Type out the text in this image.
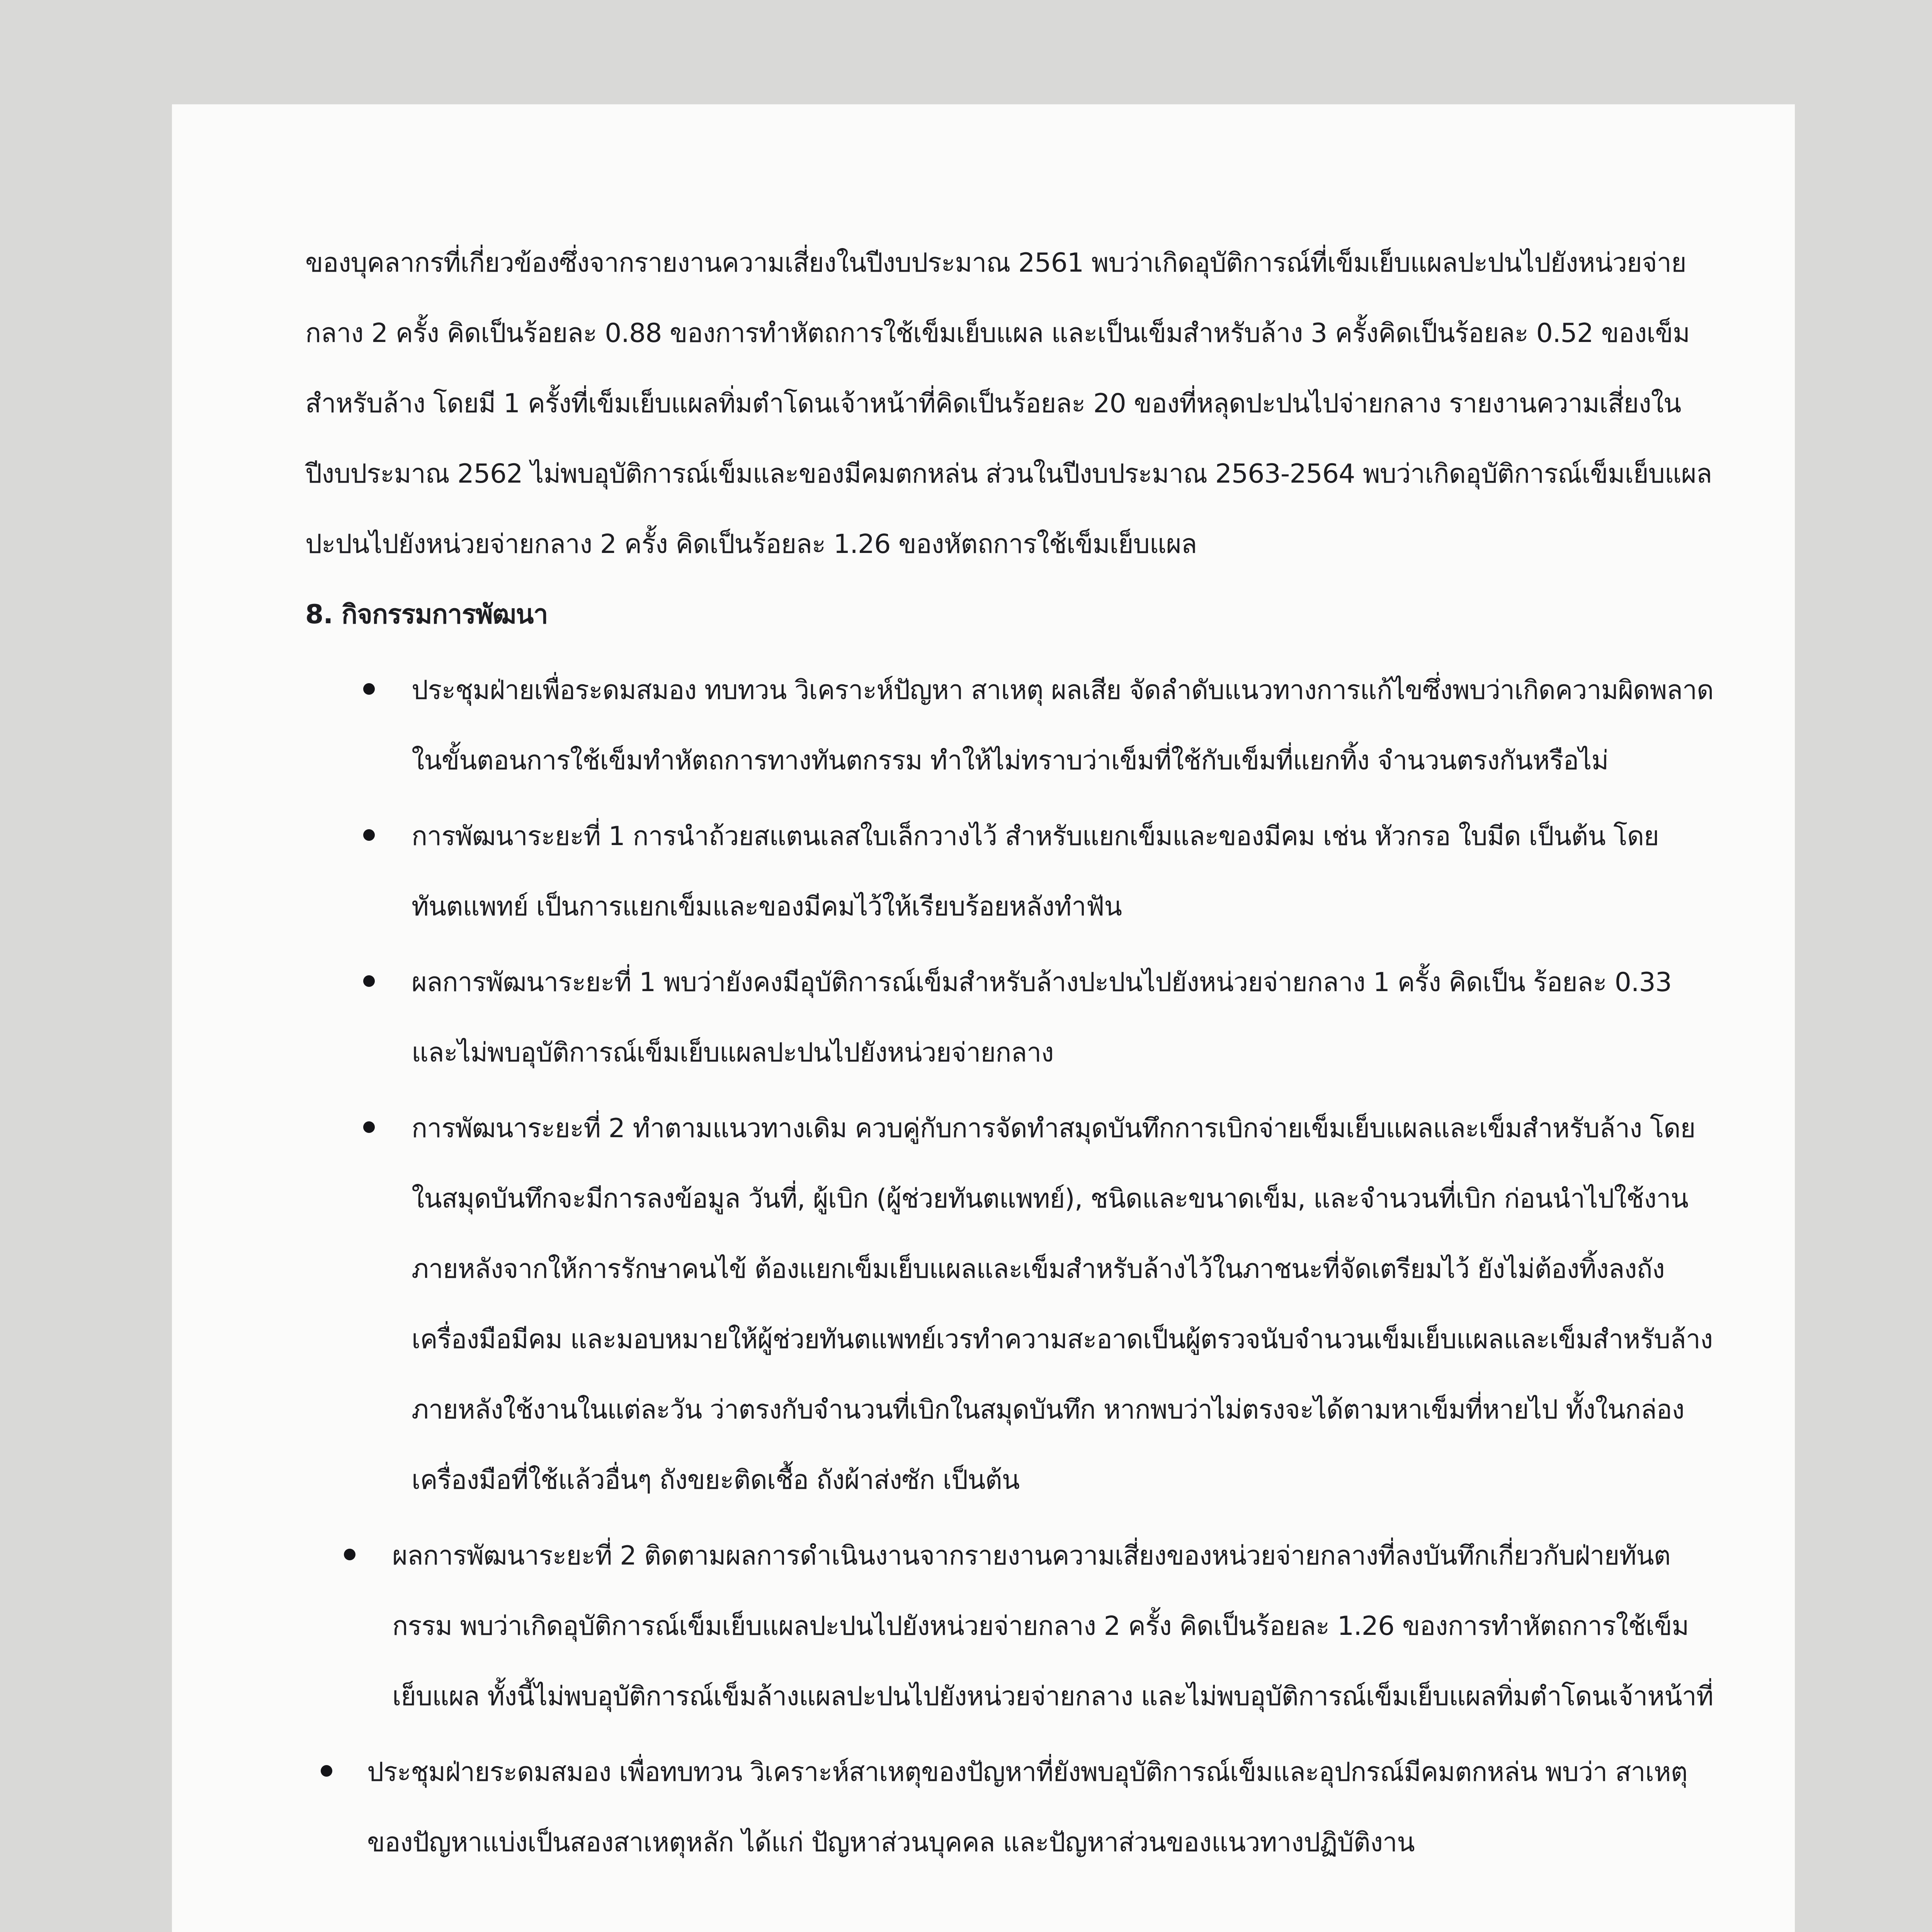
ของบุคลากรที่เกี่ยวข้องซึ่งจากรายงานความเสี่ยงในปีงบประมาณ 2561 พบว่าเกิดอุบัติการณ์ที่เข็มเย็บแผลปะปนไปยังหน่วยจ่ายกลาง 2 ครั้ง คิดเป็นร้อยละ 0.88 ของการทำหัตถการใช้เข็มเย็บแผล และเป็นเข็มสำหรับล้าง 3 ครั้งคิดเป็นร้อยละ 0.52 ของเข็มสำหรับล้าง โดยมี 1 ครั้งที่เข็มเย็บแผลทิ่มตำโดนเจ้าหน้าที่คิดเป็นร้อยละ 20 ของที่หลุดปะปนไปจ่ายกลาง รายงานความเสี่ยงในปีงบประมาณ 2562 ไม่พบอุบัติการณ์เข็มและของมีคมตกหล่น ส่วนในปีงบประมาณ 2563-2564 พบว่าเกิดอุบัติการณ์เข็มเย็บแผลปะปนไปยังหน่วยจ่ายกลาง 2 ครั้ง คิดเป็นร้อยละ 1.26 ของหัตถการใช้เข็มเย็บแผล

8. กิจกรรมการพัฒนา

ประชุมฝ่ายเพื่อระดมสมอง ทบทวน วิเคราะห์ปัญหา สาเหตุ ผลเสีย จัดลำดับแนวทางการแก้ไขซึ่งพบว่าเกิดความผิดพลาดในขั้นตอนการใช้เข็มทำหัตถการทางทันตกรรม ทำให้ไม่ทราบว่าเข็มที่ใช้กับเข็มที่แยกทิ้ง จำนวนตรงกันหรือไม่
การพัฒนาระยะที่ 1 การนำถ้วยสแตนเลสใบเล็กวางไว้ สำหรับแยกเข็มและของมีคม เช่น หัวกรอ ใบมีด เป็นต้น โดยทันตแพทย์ เป็นการแยกเข็มและของมีคมไว้ให้เรียบร้อยหลังทำฟัน
ผลการพัฒนาระยะที่ 1 พบว่ายังคงมีอุบัติการณ์เข็มสำหรับล้างปะปนไปยังหน่วยจ่ายกลาง 1 ครั้ง คิดเป็น ร้อยละ 0.33 และไม่พบอุบัติการณ์เข็มเย็บแผลปะปนไปยังหน่วยจ่ายกลาง
การพัฒนาระยะที่ 2 ทำตามแนวทางเดิม ควบคู่กับการจัดทำสมุดบันทึกการเบิกจ่ายเข็มเย็บแผลและเข็มสำหรับล้าง โดยในสมุดบันทึกจะมีการลงข้อมูล วันที่, ผู้เบิก (ผู้ช่วยทันตแพทย์), ชนิดและขนาดเข็ม, และจำนวนที่เบิก ก่อนนำไปใช้งาน ภายหลังจากให้การรักษาคนไข้ ต้องแยกเข็มเย็บแผลและเข็มสำหรับล้างไว้ในภาชนะที่จัดเตรียมไว้ ยังไม่ต้องทิ้งลงถังเครื่องมือมีคม และมอบหมายให้ผู้ช่วยทันตแพทย์เวรทำความสะอาดเป็นผู้ตรวจนับจำนวนเข็มเย็บแผลและเข็มสำหรับล้างภายหลังใช้งานในแต่ละวัน ว่าตรงกับจำนวนที่เบิกในสมุดบันทึก หากพบว่าไม่ตรงจะได้ตามหาเข็มที่หายไป ทั้งในกล่องเครื่องมือที่ใช้แล้วอื่นๆ ถังขยะติดเชื้อ ถังผ้าส่งซัก เป็นต้น
ผลการพัฒนาระยะที่ 2 ติดตามผลการดำเนินงานจากรายงานความเสี่ยงของหน่วยจ่ายกลางที่ลงบันทึกเกี่ยวกับฝ่ายทันตกรรม พบว่าเกิดอุบัติการณ์เข็มเย็บแผลปะปนไปยังหน่วยจ่ายกลาง 2 ครั้ง คิดเป็นร้อยละ 1.26 ของการทำหัตถการใช้เข็มเย็บแผล ทั้งนี้ไม่พบอุบัติการณ์เข็มล้างแผลปะปนไปยังหน่วยจ่ายกลาง และไม่พบอุบัติการณ์เข็มเย็บแผลทิ่มตำโดนเจ้าหน้าที่
ประชุมฝ่ายระดมสมอง เพื่อทบทวน วิเคราะห์สาเหตุของปัญหาที่ยังพบอุบัติการณ์เข็มและอุปกรณ์มีคมตกหล่น พบว่า สาเหตุของปัญหาแบ่งเป็นสองสาเหตุหลัก ได้แก่ ปัญหาส่วนบุคคล และปัญหาส่วนของแนวทางปฏิบัติงาน
